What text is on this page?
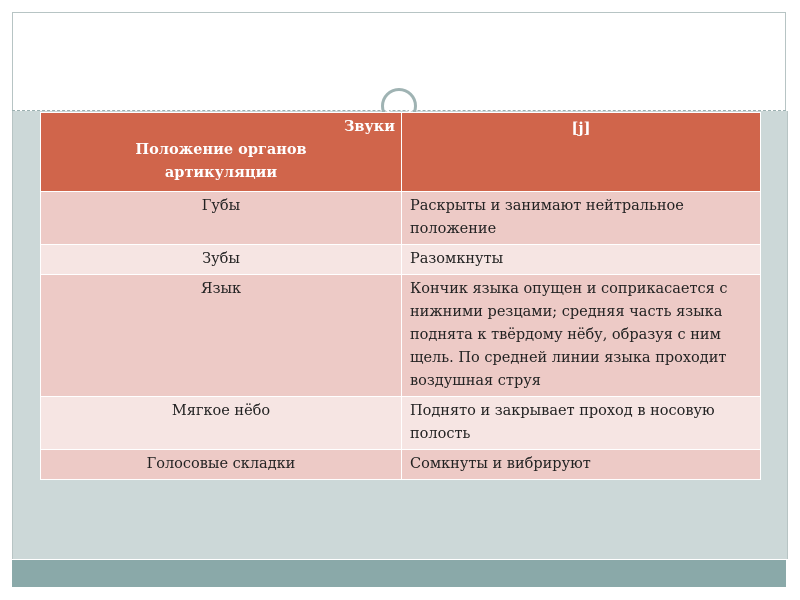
Звуки
Положение органов
артикуляции	[j]
Губы	Раскрыты и занимают нейтральное положение
Зубы	Разомкнуты
Язык	Кончик языка опущен и соприкасается с нижними резцами; средняя часть языка поднята к твёрдому нёбу, образуя с ним щель. По средней линии языка проходит воздушная струя
Мягкое нёбо	Поднято и закрывает проход в носовую полость
Голосовые складки	Сомкнуты и вибрируют
